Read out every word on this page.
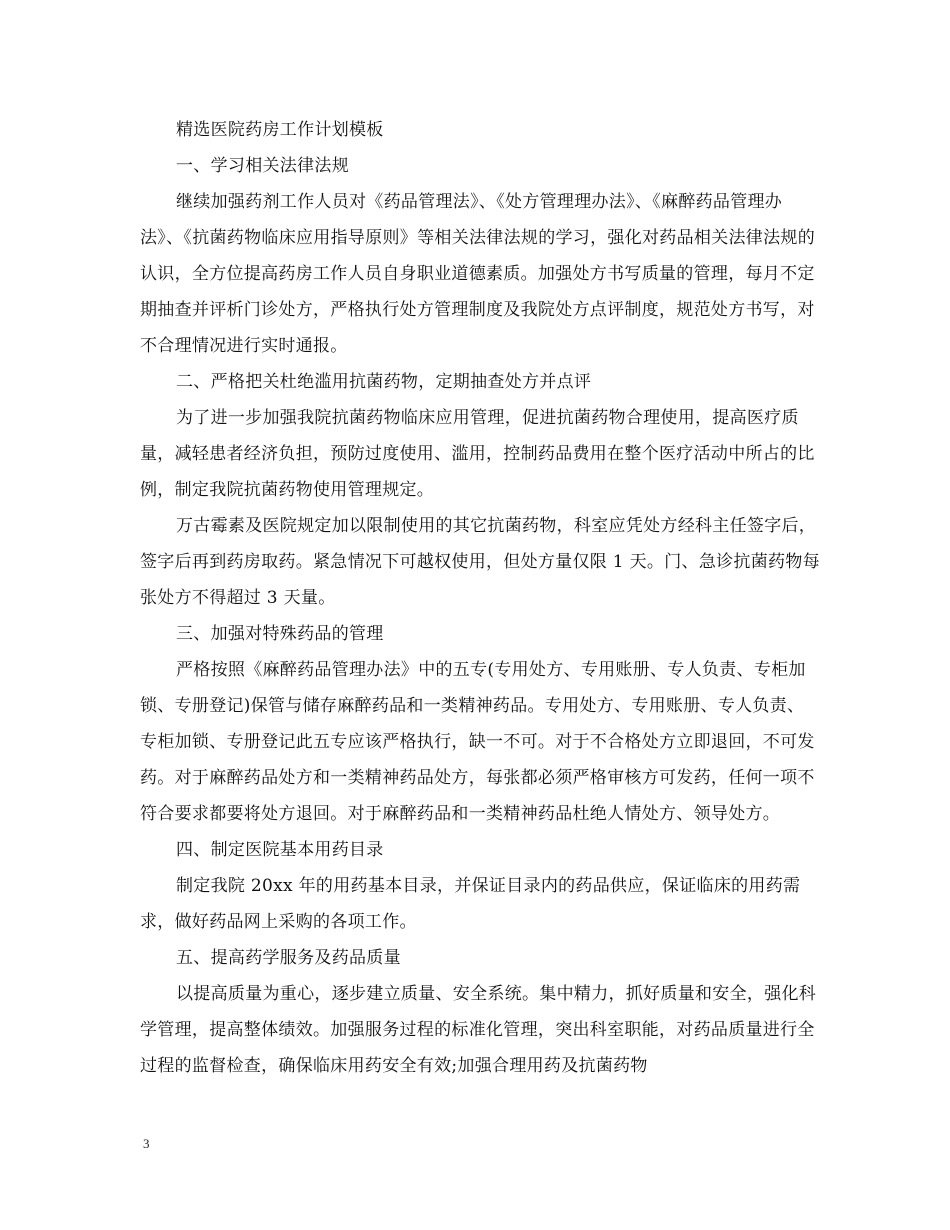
精选医院药房工作计划模板

一、学习相关法律法规

继续加强药剂工作人员对《药品管理法》、《处方管理理办法》、《麻醉药品管理办法》、《抗菌药物临床应用指导原则》等相关法律法规的学习，强化对药品相关法律法规的认识，全方位提高药房工作人员自身职业道德素质。加强处方书写质量的管理，每月不定期抽查并评析门诊处方，严格执行处方管理制度及我院处方点评制度，规范处方书写，对不合理情况进行实时通报。

二、严格把关杜绝滥用抗菌药物，定期抽查处方并点评

为了进一步加强我院抗菌药物临床应用管理，促进抗菌药物合理使用，提高医疗质量，减轻患者经济负担，预防过度使用、滥用，控制药品费用在整个医疗活动中所占的比例，制定我院抗菌药物使用管理规定。

万古霉素及医院规定加以限制使用的其它抗菌药物，科室应凭处方经科主任签字后，签字后再到药房取药。紧急情况下可越权使用，但处方量仅限 1 天。门、急诊抗菌药物每张处方不得超过 3 天量。

三、加强对特殊药品的管理

严格按照《麻醉药品管理办法》中的五专(专用处方、专用账册、专人负责、专柜加锁、专册登记)保管与储存麻醉药品和一类精神药品。专用处方、专用账册、专人负责、专柜加锁、专册登记此五专应该严格执行，缺一不可。对于不合格处方立即退回，不可发药。对于麻醉药品处方和一类精神药品处方，每张都必须严格审核方可发药，任何一项不符合要求都要将处方退回。对于麻醉药品和一类精神药品杜绝人情处方、领导处方。

四、制定医院基本用药目录

制定我院 20xx 年的用药基本目录，并保证目录内的药品供应，保证临床的用药需求，做好药品网上采购的各项工作。

五、提高药学服务及药品质量

以提高质量为重心，逐步建立质量、安全系统。集中精力，抓好质量和安全，强化科学管理，提高整体绩效。加强服务过程的标准化管理，突出科室职能，对药品质量进行全过程的监督检查，确保临床用药安全有效;加强合理用药及抗菌药物

3
